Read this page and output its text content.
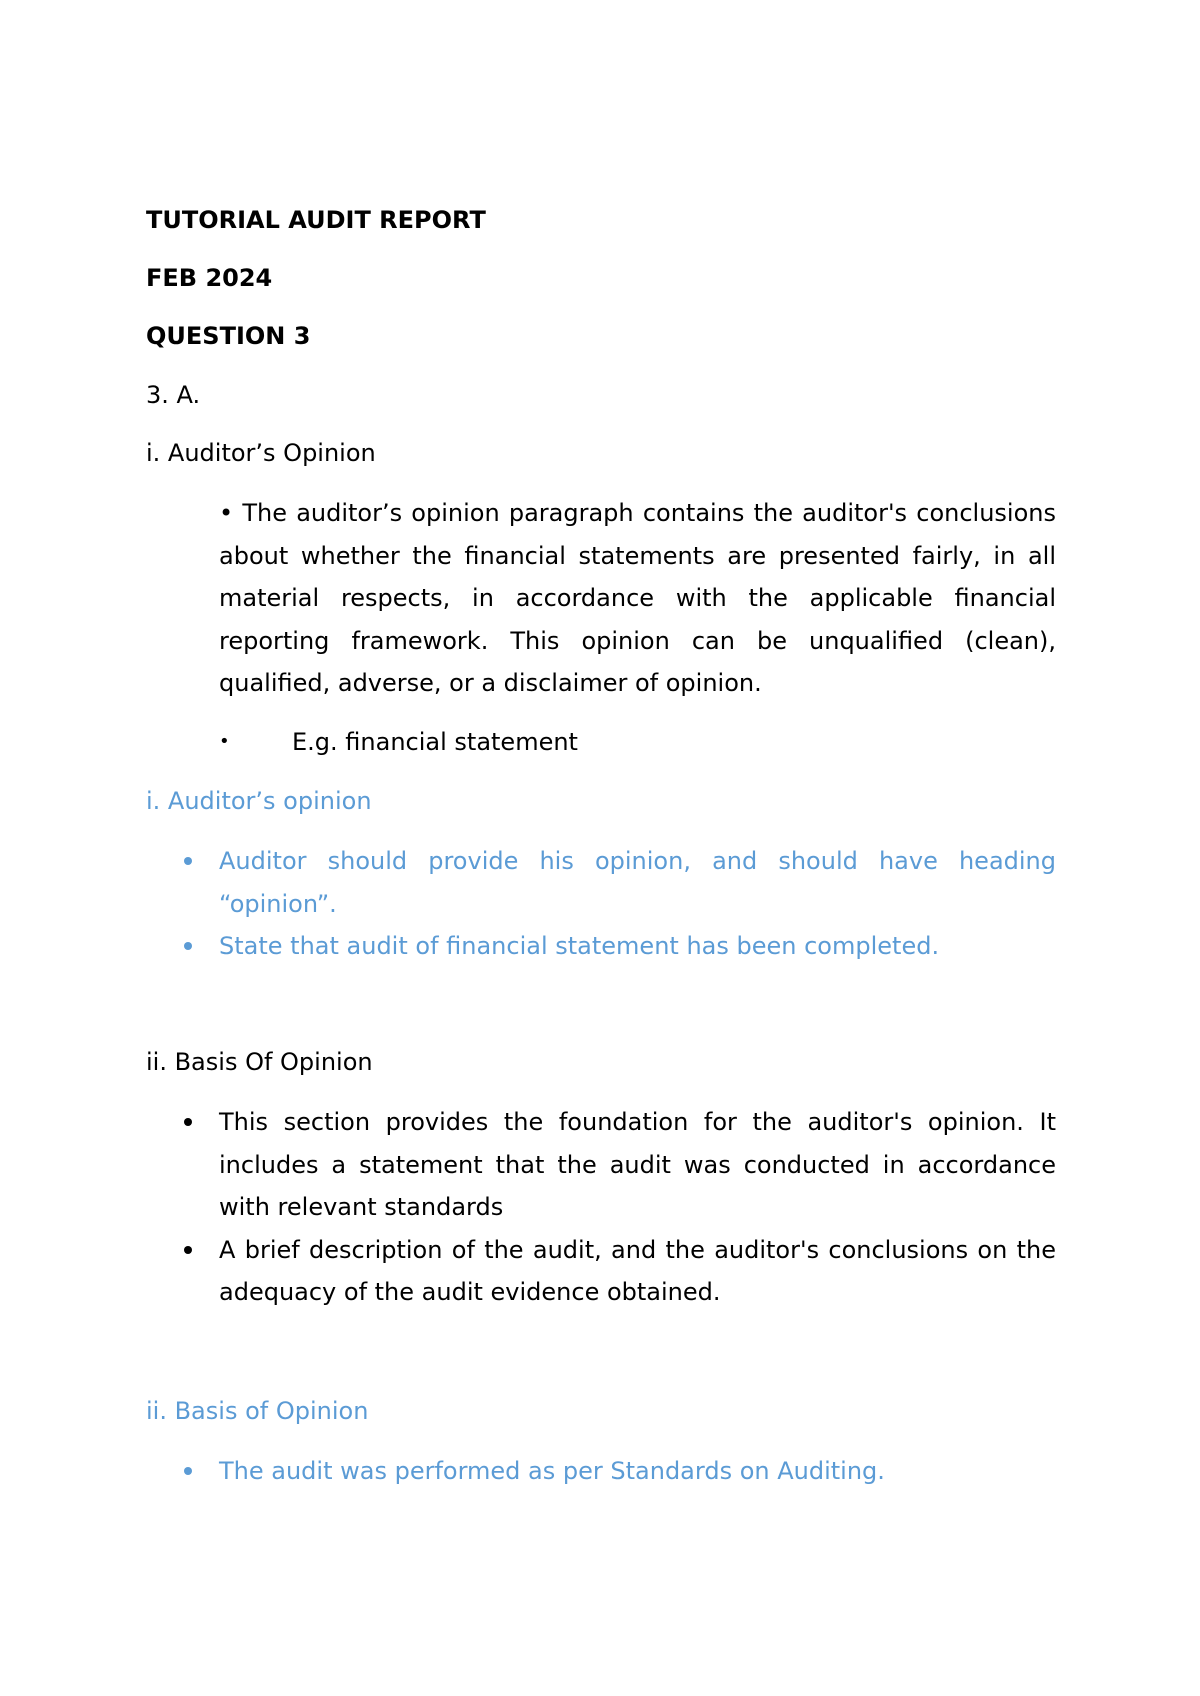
TUTORIAL AUDIT REPORT
FEB 2024
QUESTION 3
3. A.
i. Auditor’s Opinion
• The auditor’s opinion paragraph contains the auditor's conclusions about whether the financial statements are presented fairly, in all material respects, in accordance with the applicable financial reporting framework. This opinion can be unqualified (clean), qualified, adverse, or a disclaimer of opinion.
•	E.g. financial statement
i. Auditor’s opinion
Auditor should provide his opinion, and should have heading “opinion”.
State that audit of financial statement has been completed.
ii. Basis Of Opinion
This section provides the foundation for the auditor's opinion. It includes a statement that the audit was conducted in accordance with relevant standards
A brief description of the audit, and the auditor's conclusions on the adequacy of the audit evidence obtained.
ii. Basis of Opinion
The audit was performed as per Standards on Auditing.
